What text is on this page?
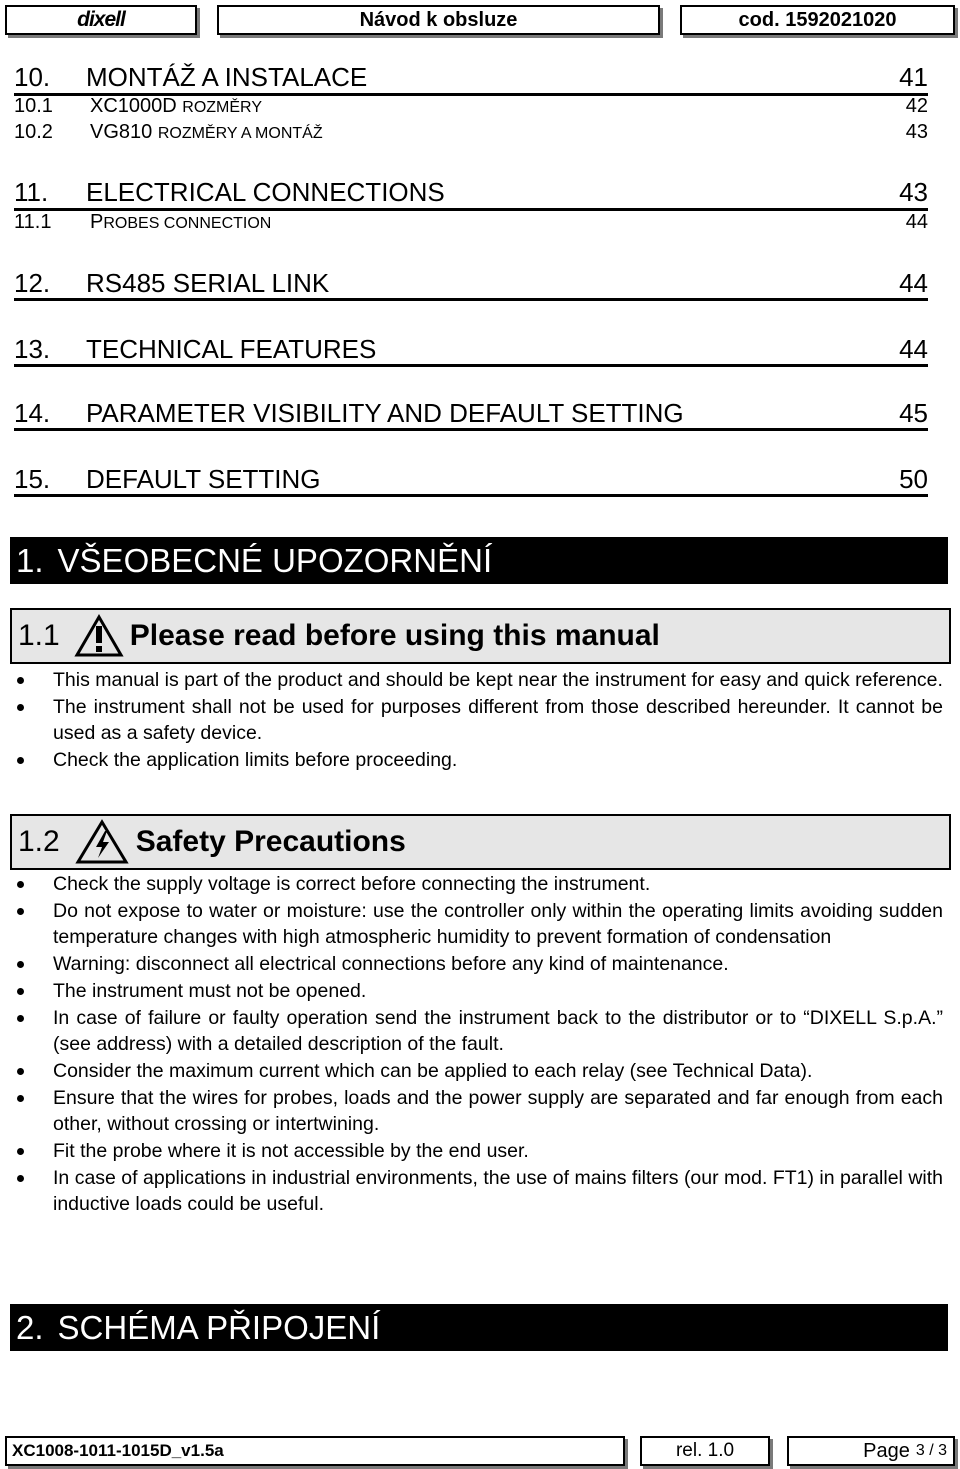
dixell	Návod k obsluze	cod. 1592021020
10.	MONTÁŽ A INSTALACE	41
10.1	XC1000D ROZMĚRY	42
10.2	VG810 ROZMĚRY A MONTÁŽ	43
11.	ELECTRICAL CONNECTIONS	43
11.1	PROBES CONNECTION	44
12.	RS485 SERIAL LINK	44
13.	TECHNICAL FEATURES	44
14.	PARAMETER VISIBILITY AND DEFAULT SETTING	45
15.	DEFAULT SETTING	50
1. VŠEOBECNÉ UPOZORNĚNÍ
1.1 Please read before using this manual
This manual is part of the product and should be kept near the instrument for easy and quick reference.
The instrument shall not be used for purposes different from those described hereunder. It cannot be used as a safety device.
Check the application limits before proceeding.
1.2	Safety Precautions
Check the supply voltage is correct before connecting the instrument.
Do not expose to water or moisture: use the controller only within the operating limits avoiding sudden temperature changes with high atmospheric humidity to prevent formation of condensation
Warning: disconnect all electrical connections before any kind of maintenance.
The instrument must not be opened.
In case of failure or faulty operation send the instrument back to the distributor or to “DIXELL S.p.A.” (see address) with a detailed description of the fault.
Consider the maximum current which can be applied to each relay (see Technical Data).
Ensure that the wires for probes, loads and the power supply are separated and far enough from each other, without crossing or intertwining.
Fit the probe where it is not accessible by the end user.
In case of applications in industrial environments, the use of mains filters (our mod. FT1) in parallel with inductive loads could be useful.
2. SCHÉMA PŘIPOJENÍ
XC1008-1011-1015D_v1.5a	rel. 1.0	Page 3 / 3
